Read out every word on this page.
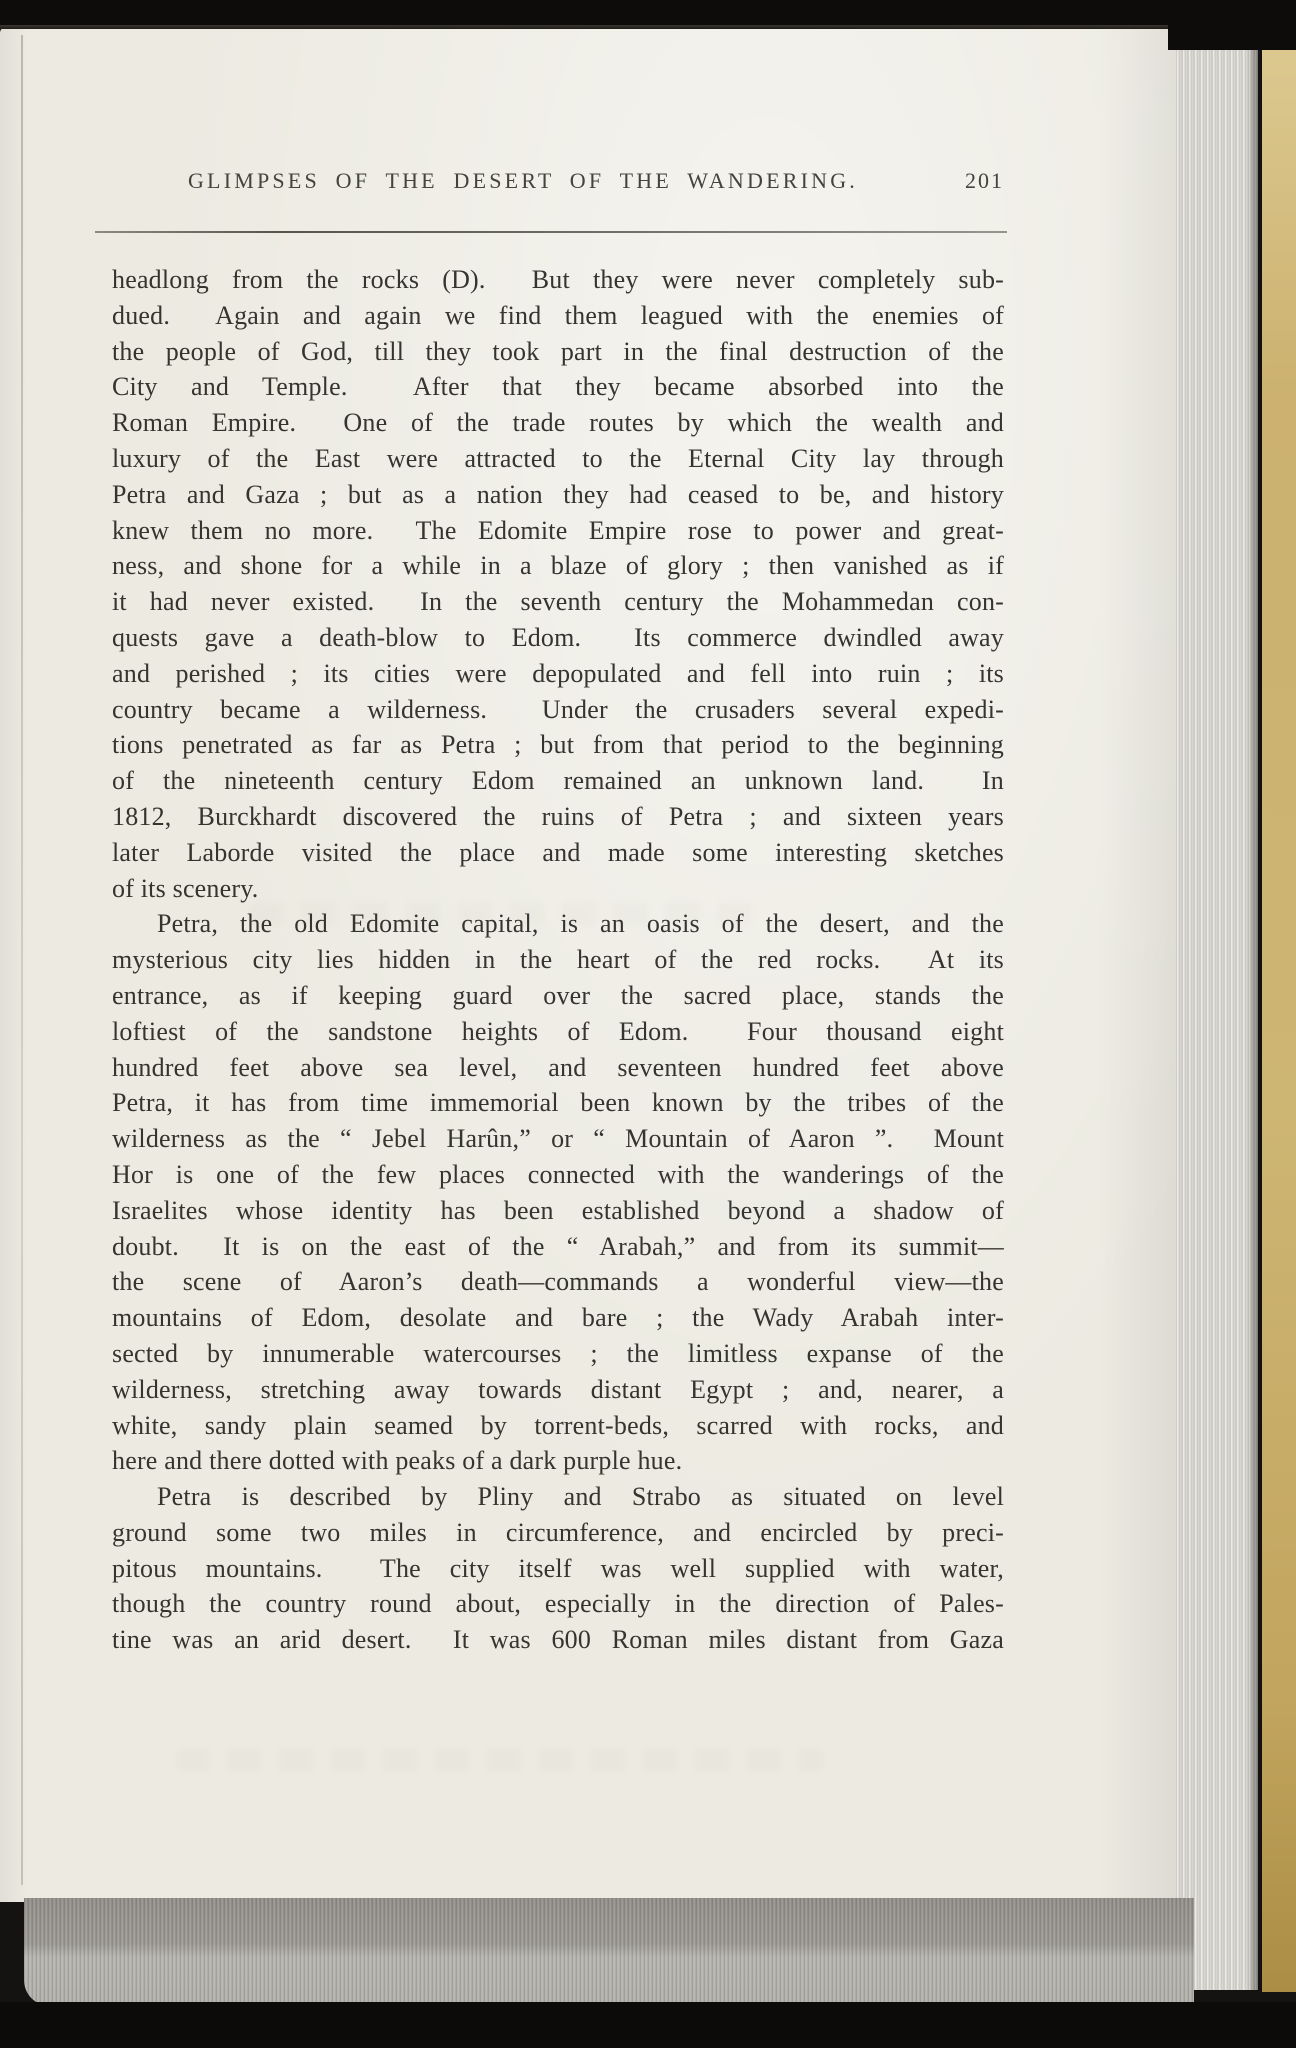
GLIMPSES OF THE DESERT OF THE WANDERING.	201
headlong from the rocks (D).  But they were never completely sub-
dued.  Again and again we find them leagued with the enemies of
the people of God, till they took part in the final destruction of the
City and Temple.  After that they became absorbed into the
Roman Empire.  One of the trade routes by which the wealth and
luxury of the East were attracted to the Eternal City lay through
Petra and Gaza ; but as a nation they had ceased to be, and history
knew them no more.  The Edomite Empire rose to power and great-
ness, and shone for a while in a blaze of glory ; then vanished as if
it had never existed.  In the seventh century the Mohammedan con-
quests gave a death-blow to Edom.  Its commerce dwindled away
and perished ; its cities were depopulated and fell into ruin ; its
country became a wilderness.  Under the crusaders several expedi-
tions penetrated as far as Petra ; but from that period to the beginning
of the nineteenth century Edom remained an unknown land.  In
1812, Burckhardt discovered the ruins of Petra ; and sixteen years
later Laborde visited the place and made some interesting sketches
of its scenery.
Petra, the old Edomite capital, is an oasis of the desert, and the
mysterious city lies hidden in the heart of the red rocks.  At its
entrance, as if keeping guard over the sacred place, stands the
loftiest of the sandstone heights of Edom.  Four thousand eight
hundred feet above sea level, and seventeen hundred feet above
Petra, it has from time immemorial been known by the tribes of the
wilderness as the “ Jebel Harûn,” or “ Mountain of Aaron ”.  Mount
Hor is one of the few places connected with the wanderings of the
Israelites whose identity has been established beyond a shadow of
doubt.  It is on the east of the “ Arabah,” and from its summit—
the scene of Aaron’s death—commands a wonderful view—the
mountains of Edom, desolate and bare ; the Wady Arabah inter-
sected by innumerable watercourses ; the limitless expanse of the
wilderness, stretching away towards distant Egypt ; and, nearer, a
white, sandy plain seamed by torrent-beds, scarred with rocks, and
here and there dotted with peaks of a dark purple hue.
Petra is described by Pliny and Strabo as situated on level
ground some two miles in circumference, and encircled by preci-
pitous mountains.  The city itself was well supplied with water,
though the country round about, especially in the direction of Pales-
tine was an arid desert.  It was 600 Roman miles distant from Gaza
